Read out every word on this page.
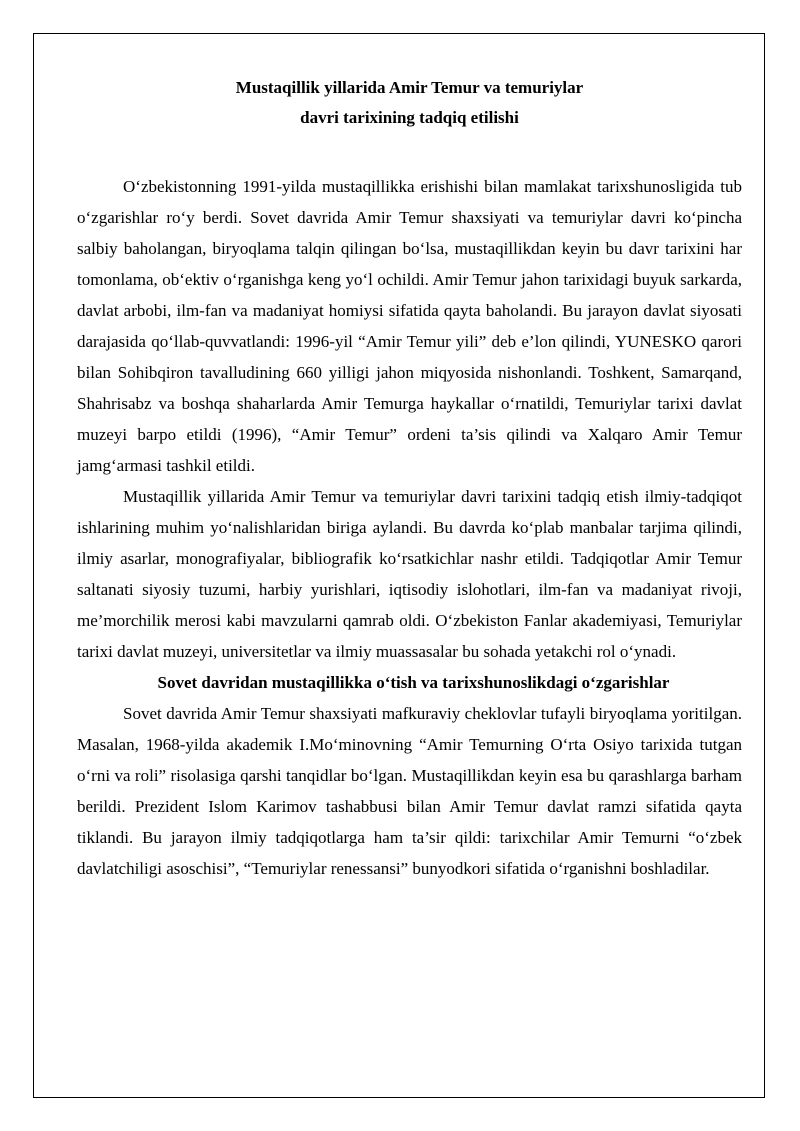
Mustaqillik yillarida Amir Temur va temuriylar
davri tarixining tadqiq etilishi

O‘zbekistonning 1991-yilda mustaqillikka erishishi bilan mamlakat tarixshunosligida tub o‘zgarishlar ro‘y berdi. Sovet davrida Amir Temur shaxsiyati va temuriylar davri ko‘pincha salbiy baholangan, biryoqlama talqin qilingan bo‘lsa, mustaqillikdan keyin bu davr tarixini har tomonlama, ob‘ektiv o‘rganishga keng yo‘l ochildi. Amir Temur jahon tarixidagi buyuk sarkarda, davlat arbobi, ilm-fan va madaniyat homiysi sifatida qayta baholandi. Bu jarayon davlat siyosati darajasida qo‘llab-quvvatlandi: 1996-yil “Amir Temur yili” deb e’lon qilindi, YUNESKO qarori bilan Sohibqiron tavalludining 660 yilligi jahon miqyosida nishonlandi. Toshkent, Samarqand, Shahrisabz va boshqa shaharlarda Amir Temurga haykallar o‘rnatildi, Temuriylar tarixi davlat muzeyi barpo etildi (1996), “Amir Temur” ordeni ta’sis qilindi va Xalqaro Amir Temur jamg‘armasi tashkil etildi.

Mustaqillik yillarida Amir Temur va temuriylar davri tarixini tadqiq etish ilmiy-tadqiqot ishlarining muhim yo‘nalishlaridan biriga aylandi. Bu davrda ko‘plab manbalar tarjima qilindi, ilmiy asarlar, monografiyalar, bibliografik ko‘rsatkichlar nashr etildi. Tadqiqotlar Amir Temur saltanati siyosiy tuzumi, harbiy yurishlari, iqtisodiy islohotlari, ilm-fan va madaniyat rivoji, me’morchilik merosi kabi mavzularni qamrab oldi. O‘zbekiston Fanlar akademiyasi, Temuriylar tarixi davlat muzeyi, universitetlar va ilmiy muassasalar bu sohada yetakchi rol o‘ynadi.

Sovet davridan mustaqillikka o‘tish va tarixshunoslikdagi o‘zgarishlar

Sovet davrida Amir Temur shaxsiyati mafkuraviy cheklovlar tufayli biryoqlama yoritilgan. Masalan, 1968-yilda akademik I.Mo‘minovning “Amir Temurning O‘rta Osiyo tarixida tutgan o‘rni va roli” risolasiga qarshi tanqidlar bo‘lgan. Mustaqillikdan keyin esa bu qarashlarga barham berildi. Prezident Islom Karimov tashabbusi bilan Amir Temur davlat ramzi sifatida qayta tiklandi. Bu jarayon ilmiy tadqiqotlarga ham ta’sir qildi: tarixchilar Amir Temurni “o‘zbek davlatchiligi asoschisi”, “Temuriylar renessansi” bunyodkori sifatida o‘rganishni boshladilar.
